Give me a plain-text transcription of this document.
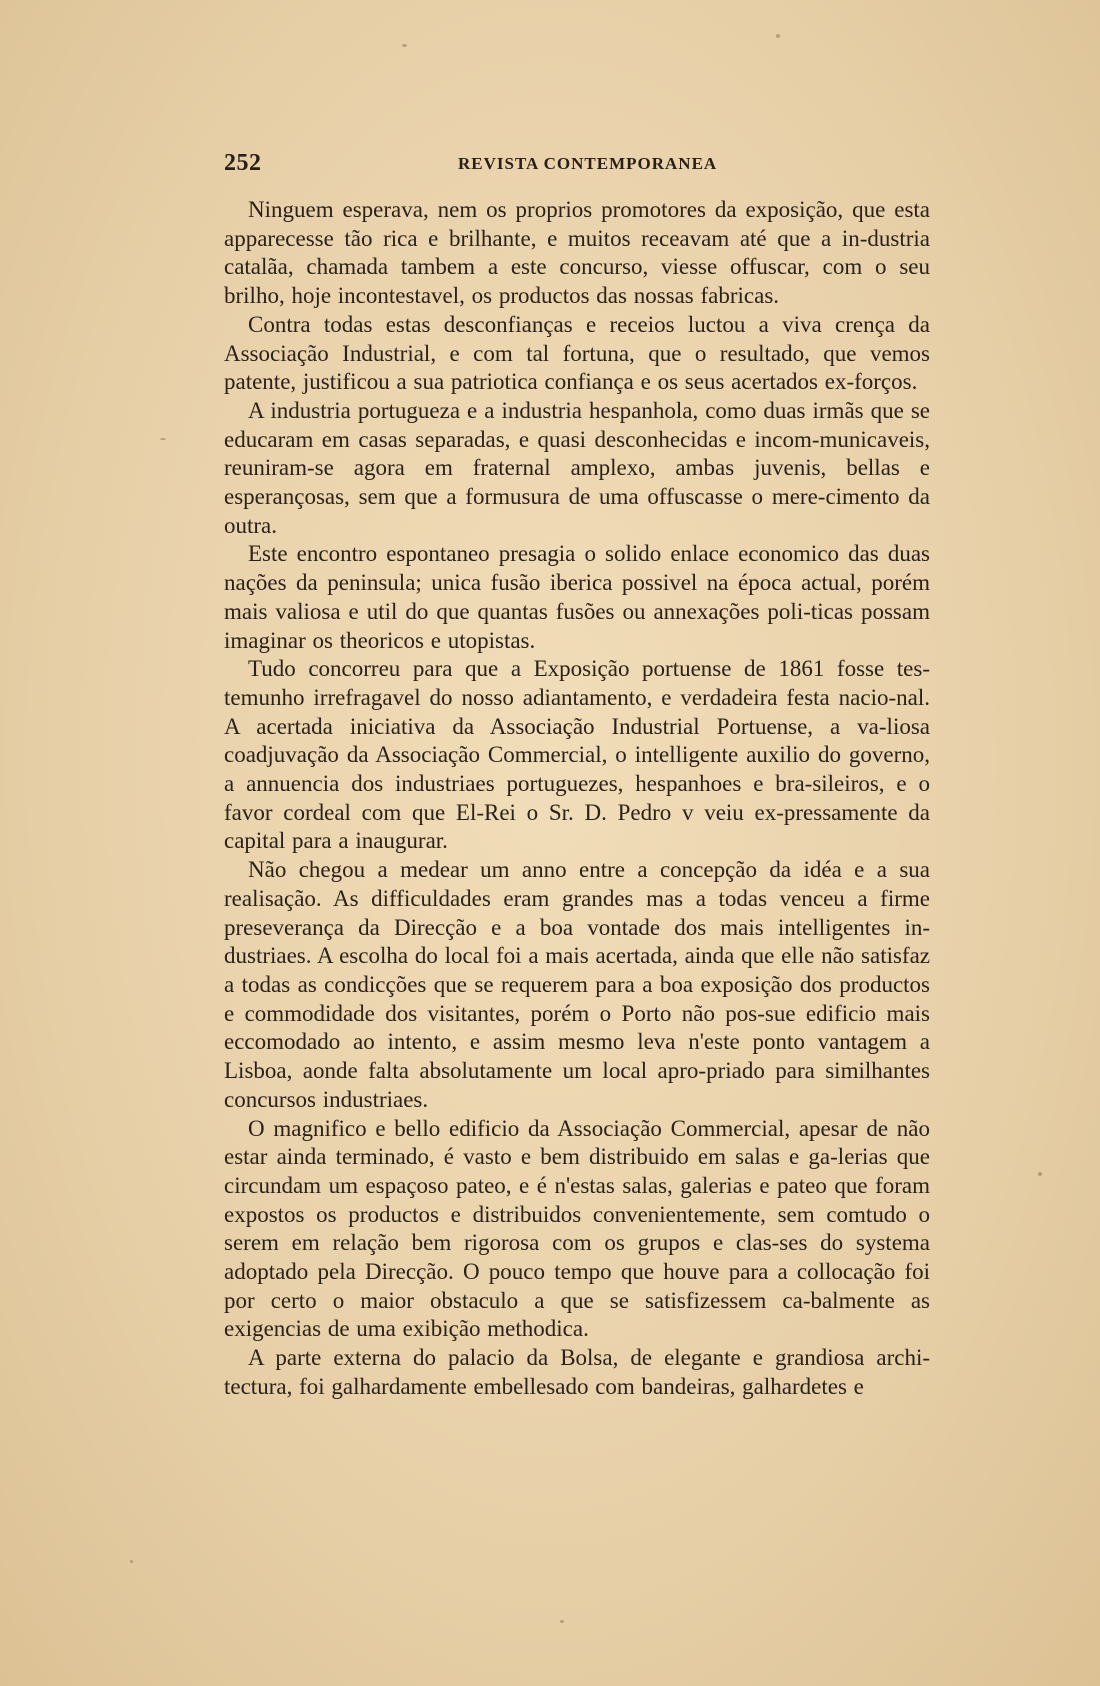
252	REVISTA CONTEMPORANEA

Ninguem esperava, nem os proprios promotores da exposição, que esta apparecesse tão rica e brilhante, e muitos receavam até que a in-dustria catalãa, chamada tambem a este concurso, viesse offuscar, com o seu brilho, hoje incontestavel, os productos das nossas fabricas.

Contra todas estas desconfianças e receios luctou a viva crença da Associação Industrial, e com tal fortuna, que o resultado, que vemos patente, justificou a sua patriotica confiança e os seus acertados ex-forços.

A industria portugueza e a industria hespanhola, como duas irmãs que se educaram em casas separadas, e quasi desconhecidas e incom-municaveis, reuniram-se agora em fraternal amplexo, ambas juvenis, bellas e esperançosas, sem que a formusura de uma offuscasse o mere-cimento da outra.

Este encontro espontaneo presagia o solido enlace economico das duas nações da peninsula; unica fusão iberica possivel na época actual, porém mais valiosa e util do que quantas fusões ou annexações poli-ticas possam imaginar os theoricos e utopistas.

Tudo concorreu para que a Exposição portuense de 1861 fosse tes-temunho irrefragavel do nosso adiantamento, e verdadeira festa nacio-nal. A acertada iniciativa da Associação Industrial Portuense, a va-liosa coadjuvação da Associação Commercial, o intelligente auxilio do governo, a annuencia dos industriaes portuguezes, hespanhoes e bra-sileiros, e o favor cordeal com que El-Rei o Sr. D. Pedro v veiu ex-pressamente da capital para a inaugurar.

Não chegou a medear um anno entre a concepção da idéa e a sua realisação. As difficuldades eram grandes mas a todas venceu a firme preseverança da Direcção e a boa vontade dos mais intelligentes in-dustriaes. A escolha do local foi a mais acertada, ainda que elle não satisfaz a todas as condicções que se requerem para a boa exposição dos productos e commodidade dos visitantes, porém o Porto não pos-sue edificio mais eccomodado ao intento, e assim mesmo leva n'este ponto vantagem a Lisboa, aonde falta absolutamente um local apro-priado para similhantes concursos industriaes.

O magnifico e bello edificio da Associação Commercial, apesar de não estar ainda terminado, é vasto e bem distribuido em salas e ga-lerias que circundam um espaçoso pateo, e é n'estas salas, galerias e pateo que foram expostos os productos e distribuidos convenientemente, sem comtudo o serem em relação bem rigorosa com os grupos e clas-ses do systema adoptado pela Direcção. O pouco tempo que houve para a collocação foi por certo o maior obstaculo a que se satisfizessem ca-balmente as exigencias de uma exibição methodica.

A parte externa do palacio da Bolsa, de elegante e grandiosa archi-tectura, foi galhardamente embellesado com bandeiras, galhardetes e
